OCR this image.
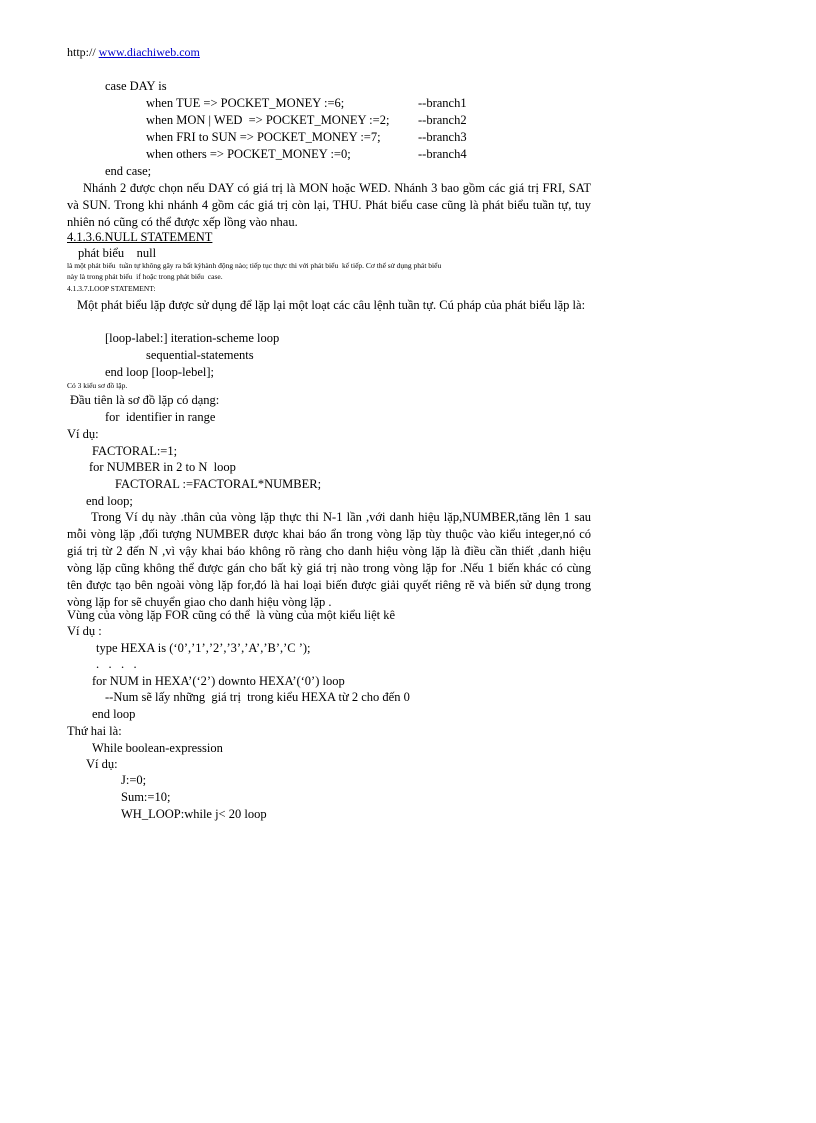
http:// www.diachiweb.com
case DAY is
when TUE => POCKET_MONEY :=6;	--branch1
when MON | WED  => POCKET_MONEY :=2; --branch2
when FRI to SUN => POCKET_MONEY :=7;	--branch3
when others => POCKET_MONEY :=0;	--branch4
end case;
Nhánh 2 được chọn nếu DAY có giá trị là MON hoặc WED. Nhánh 3 bao gồm các giá trị FRI, SAT và SUN. Trong khi nhánh 4 gồm các giá trị còn lại, THU. Phát biểu case cũng là phát biểu tuần tự, tuy nhiên nó cũng có thể được xếp lồng vào nhau.
4.1.3.6.NULL STATEMENT
phát biểu    null
là một phát biểu  tuần tự không gây ra bất kỳhành động nào; tiếp tục thực thi với phát biểu  kế tiếp. Cơ thể sử dụng phát biểu
này là trong phát biểu  if hoặc trong phát biểu  case.
4.1.3.7.LOOP STATEMENT:
Một phát biểu lặp được sử dụng để lặp lại một loạt các câu lệnh tuần tự. Cú pháp của phát biểu lặp là:
[loop-label:] iteration-scheme loop
sequential-statements
end loop [loop-lebel];
Có 3 kiểu sơ đồ lặp.
Đầu tiên là sơ đồ lặp có dạng:
for  identifier in range
Ví dụ:
FACTORAL:=1;
for NUMBER in 2 to N  loop
FACTORAL :=FACTORAL*NUMBER;
end loop;
Trong Ví dụ này .thân của vòng lặp thực thi N-1 lần ,với danh hiệu lặp,NUMBER,tăng lên 1 sau mỗi vòng lặp ,đối tượng NUMBER được khai báo ẩn trong vòng lặp tùy thuộc vào kiểu integer,nó có giá trị từ 2 đến N ,vì vậy khai báo không rõ ràng cho danh hiệu vòng lặp là điều cần thiết ,danh hiệu vòng lặp cũng không thể được gán cho bất kỳ giá trị nào trong vòng lặp for .Nếu 1 biến khác có cùng tên được tạo bên ngoài vòng lặp for,đó là hai loại biến được giải quyết riêng rẽ và biến sử dụng trong vòng lặp for sẽ chuyển giao cho danh hiệu vòng lặp .
Vùng của vòng lặp FOR cũng có thể  là vùng của một kiểu liệt kê
Ví dụ :
type HEXA is (‘0’,’1’,’2’,’3’,’A’,’B’,’C ’);
.   .   .   .
for NUM in HEXA’(‘2’) downto HEXA’(‘0’) loop
--Num sẽ lấy những  giá trị  trong kiểu HEXA từ 2 cho đến 0
end loop
Thứ hai là:
While boolean-expression
Ví dụ:
J:=0;
Sum:=10;
WH_LOOP:while j< 20 loop
